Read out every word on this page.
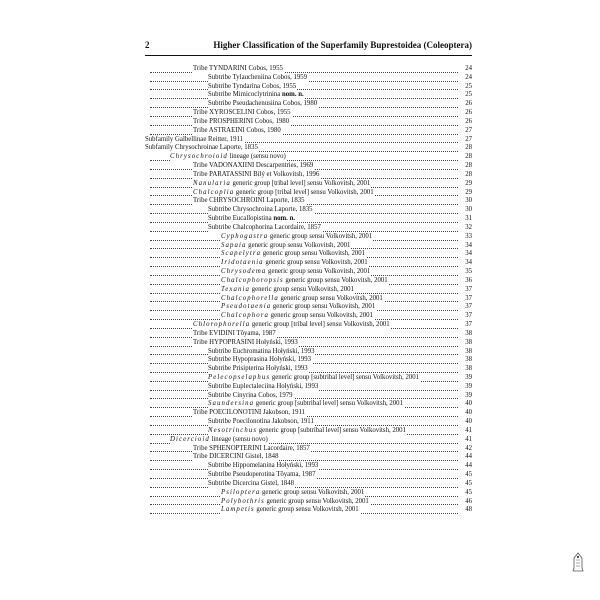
2	Higher Classification of the Superfamily Buprestoidea (Coleoptera)
Tribe TYNDARINI Cobos, 1955	24
Subtribe Tylaucheniina Cobos, 1959	24
Subtribe Tyndarina Cobos, 1955	25
Subtribe Mimicoclytrinina nom. n.	25
Subtribe Pseudachenusiina Cobos, 1980	26
Tribe XYROSCELINI Cobos, 1955	26
Tribe PROSPHERINI Cobos, 1980	26
Tribe ASTRAEINI Cobos, 1980	27
Subfamily Galbellinae Reitter, 1911	27
Subfamily Chrysochroinae Laporte, 1835	28
Chrysochroioid lineage (sensu novo)	28
Tribe VADONAXIINI Descarpentries, 1969	28
Tribe PARATASSINI Bílý et Volkovitsh, 1996	28
Nanularia generic group [tribal level] sensu Volkovitsh, 2001	29
Chalcoplia generic group [tribal level] sensu Volkovitsh, 2001	29
Tribe CHRYSOCHROINI Laporte, 1835	30
Subtribe Chrysochroina Laporte, 1835	30
Subtribe Eucallopistina nom. n.	31
Subtribe Chalcophorina Lacordaire, 1857	32
Cyphogastra generic group sensu Volkovitsh, 2001	33
Sapaia generic group sensu Volkovitsh, 2001	34
Scapelytra generic group sensu Volkovitsh, 2001	34
Iridotaenia generic group sensu Volkovitsh, 2001	34
Chrysodema generic group sensu Volkovitsh, 2001	35
Chalcophoropsis generic group sensu Volkovitsh, 2001	36
Texania generic group sensu Volkovitsh, 2001	37
Chalcophorella generic group sensu Volkovitsh, 2001	37
Pseudotaenia generic group sensu Volkovitsh, 2001	37
Chalcophora generic group sensu Volkovitsh, 2001	37
Chlorophorella generic group [tribal level] sensu Volkovitsh, 2001	37
Tribe EVIDINI Tôyama, 1987	38
Tribe HYPOPRASINI Hołyński, 1993	38
Subtribe Euchromatina Hołyński, 1993	38
Subtribe Hypoprasina Hołyński, 1993	38
Subtribe Prisipterina Hołyński, 1993	38
Pelecopselaphus generic group [subtribal level] sensu Volkovitsh, 2001	39
Subtribe Euplectaleciina Hołyński, 1993	39
Subtribe Cinyrina Cobos, 1979	39
Saundersina generic group [subtribal level] sensu Volkovitsh, 2001	40
Tribe POECILONOTINI Jakobson, 1911	40
Subtribe Poecilonotina Jakobson, 1911	40
Nesotrinchus generic group [subtribal level] sensu Volkovitsh, 2001	41
Dicercioid lineage (sensu novo)	41
Tribe SPHENOPTERINI Lacordaire, 1857	42
Tribe DICERCINI Gistel, 1848	44
Subtribe Hippomelanina Hołyński, 1993	44
Subtribe Pseudoperotina Tôyama, 1987	45
Subtribe Dicercina Gistel, 1848	45
Psiloptera generic group sensu Volkovitsh, 2001	45
Polybothris generic group sensu Volkovitsh, 2001	46
Lampetis generic group sensu Volkovitsh, 2001	48
